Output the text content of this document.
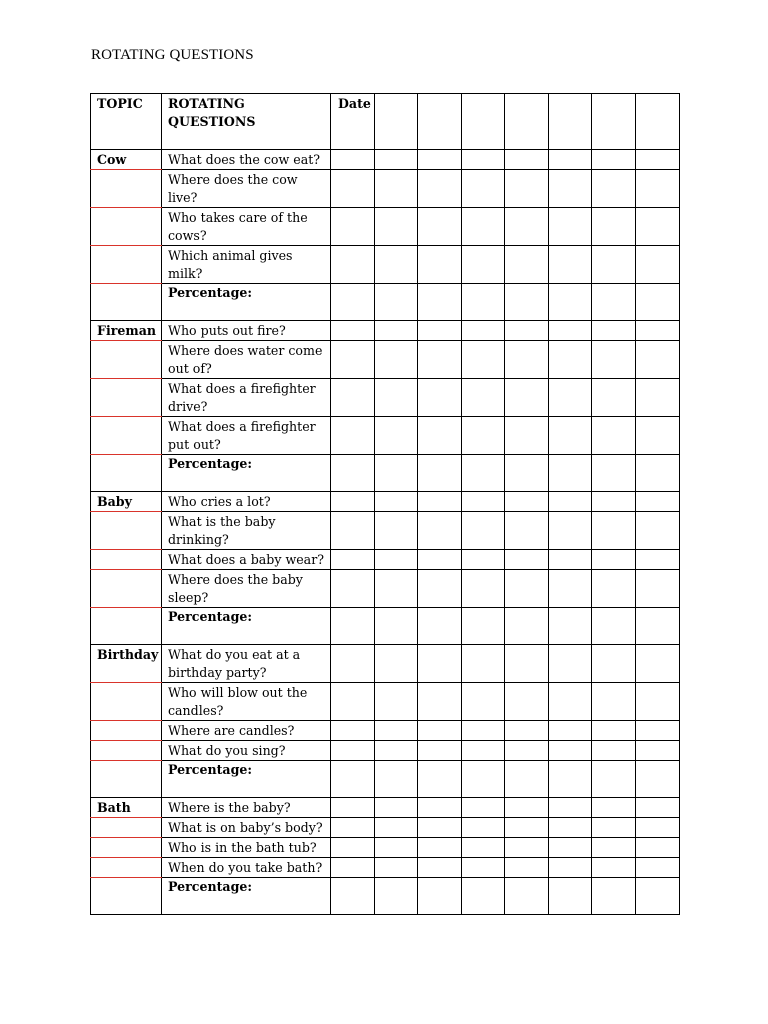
ROTATING QUESTIONS
TOPIC	ROTATING QUESTIONS	Date							
Cow	What does the cow eat?								
	Where does the cow live?								
	Who takes care of the cows?								
	Which animal gives milk?								
	Percentage:								
Fireman	Who puts out fire?								
	Where does water come out of?								
	What does a firefighter drive?								
	What does a firefighter put out?								
	Percentage:								
Baby	Who cries a lot?								
	What is the baby drinking?								
	What does a baby wear?								
	Where does the baby sleep?								
	Percentage:								
Birthday	What do you eat at a birthday party?								
	Who will blow out the candles?								
	Where are candles?								
	What do you sing?								
	Percentage:								
Bath	Where is the baby?								
	What is on baby’s body?								
	Who is in the bath tub?								
	When do you take bath?								
	Percentage:								
